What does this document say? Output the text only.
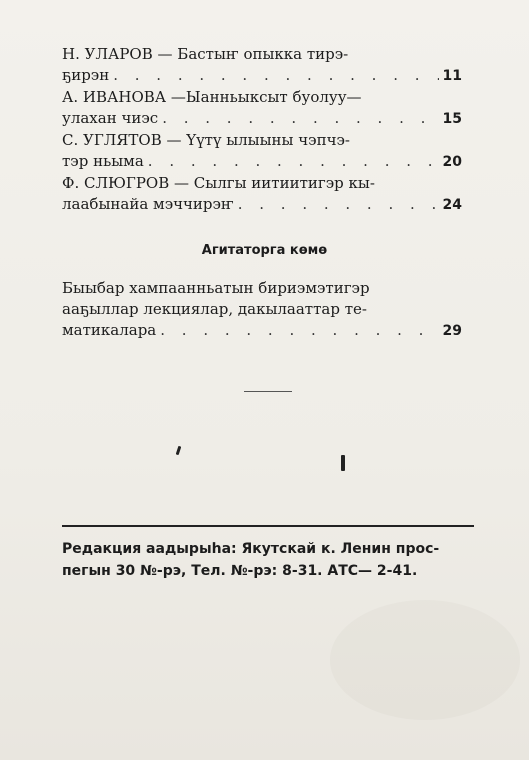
Н. УЛАРОВ — Бастыҥ опыкка тирэ-
ҕирэн . . .	11
А. ИВАНОВА —Ыанньыксыт буолуу—
улахан чиэс . . .	15
С. УГЛЯТОВ — Үүтү ылыыны чэпчэ-
тэр ньыма . . .	20
Ф. СЛЮГРОВ — Сылгы иитиитигэр кы-
лаабынайа мэччирэҥ . . .	24
Агитаторга көмө
Быыбар хампаанньатын бириэмэтигэр
ааҕыллар лекциялар, дакылааттар те-
матикалара . . .	29
Редакция аадырыһа: Якутскай к. Ленин прос-
пегын 30 №-рэ, Тел. №-рэ: 8-31. АТС— 2-41.
